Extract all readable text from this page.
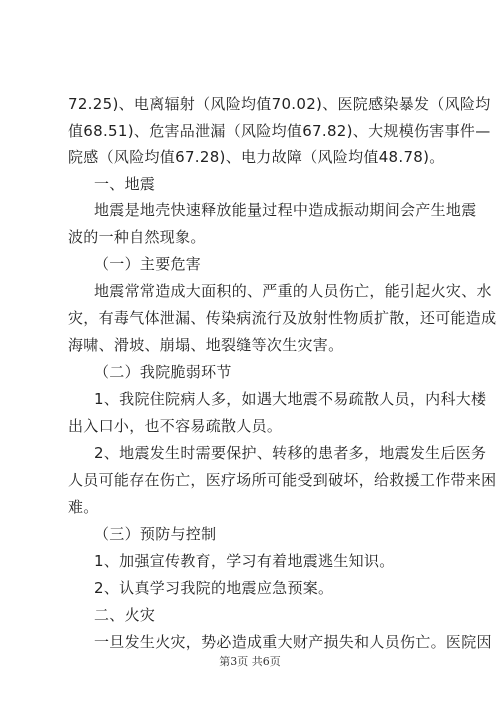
72.25)、电离辐射（风险均值70.02)、医院感染暴发（风险均
值68.51)、危害品泄漏（风险均值67.82)、大规模伤害事件—
院感（风险均值67.28)、电力故障（风险均值48.78)。
一、地震
地震是地壳快速释放能量过程中造成振动期间会产生地震
波的一种自然现象。
（一）主要危害
地震常常造成大面积的、严重的人员伤亡，能引起火灾、水
灾，有毒气体泄漏、传染病流行及放射性物质扩散，还可能造成
海啸、滑坡、崩塌、地裂缝等次生灾害。
（二）我院脆弱环节
1、我院住院病人多，如遇大地震不易疏散人员，内科大楼
出入口小，也不容易疏散人员。
2、地震发生时需要保护、转移的患者多，地震发生后医务
人员可能存在伤亡，医疗场所可能受到破坏，给救援工作带来困
难。
（三）预防与控制
1、加强宣传教育，学习有着地震逃生知识。
2、认真学习我院的地震应急预案。
二、火灾
一旦发生火灾，势必造成重大财产损失和人员伤亡。医院因
第3页 共6页
